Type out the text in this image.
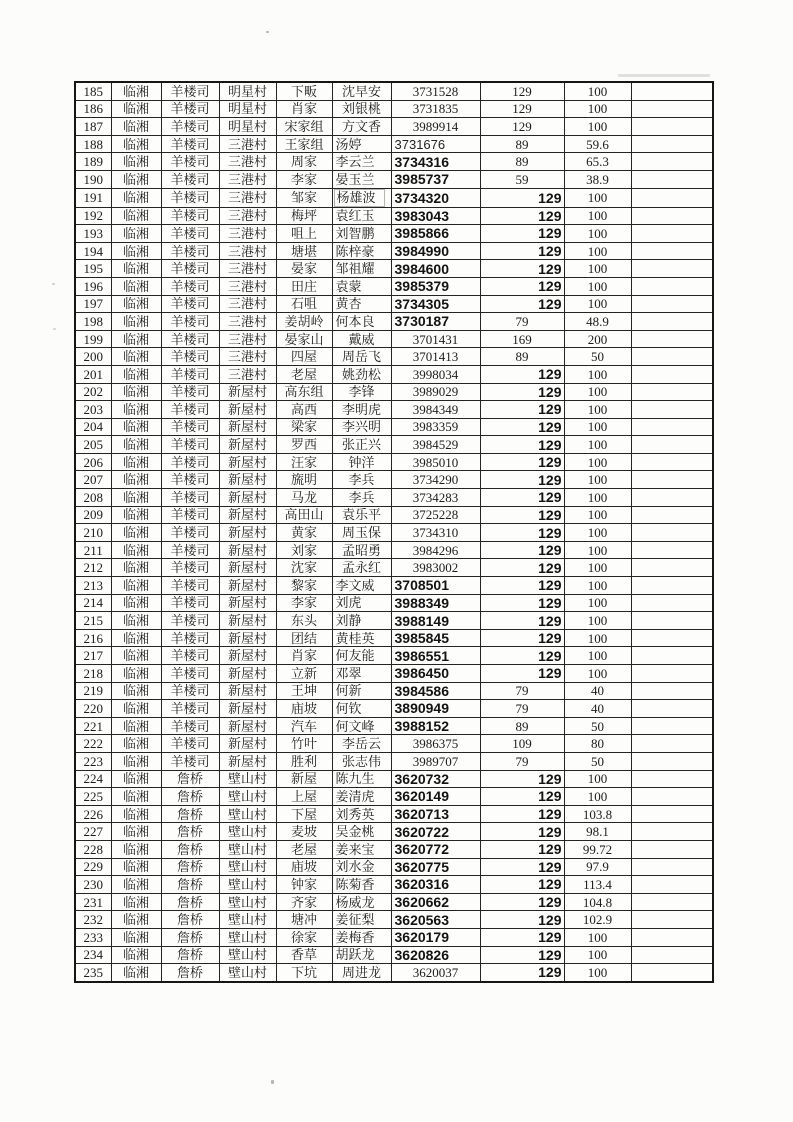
185	临湘	羊楼司	明星村	下畈	沈早安	3731528	129	100	
186	临湘	羊楼司	明星村	肖家	刘银桃	3731835	129	100	
187	临湘	羊楼司	明星村	宋家组	方文香	3989914	129	100	
188	临湘	羊楼司	三港村	王家组	汤婷	3731676	89	59.6	
189	临湘	羊楼司	三港村	周家	李云兰	3734316	89	65.3	
190	临湘	羊楼司	三港村	李家	晏玉兰	3985737	59	38.9	
191	临湘	羊楼司	三港村	邹家	杨雄波	3734320	129	100	
192	临湘	羊楼司	三港村	梅坪	袁红玉	3983043	129	100	
193	临湘	羊楼司	三港村	咀上	刘智鹏	3985866	129	100	
194	临湘	羊楼司	三港村	塘堪	陈梓豪	3984990	129	100	
195	临湘	羊楼司	三港村	晏家	邹祖耀	3984600	129	100	
196	临湘	羊楼司	三港村	田庄	袁蒙	3985379	129	100	
197	临湘	羊楼司	三港村	石咀	黄杏	3734305	129	100	
198	临湘	羊楼司	三港村	姜胡岭	何本良	3730187	79	48.9	
199	临湘	羊楼司	三港村	晏家山	戴威	3701431	169	200	
200	临湘	羊楼司	三港村	四屋	周岳飞	3701413	89	50	
201	临湘	羊楼司	三港村	老屋	姚劲松	3998034	129	100	
202	临湘	羊楼司	新屋村	高东组	李锋	3989029	129	100	
203	临湘	羊楼司	新屋村	高西	李明虎	3984349	129	100	
204	临湘	羊楼司	新屋村	梁家	李兴明	3983359	129	100	
205	临湘	羊楼司	新屋村	罗西	张正兴	3984529	129	100	
206	临湘	羊楼司	新屋村	汪家	钟洋	3985010	129	100	
207	临湘	羊楼司	新屋村	旒明	李兵	3734290	129	100	
208	临湘	羊楼司	新屋村	马龙	李兵	3734283	129	100	
209	临湘	羊楼司	新屋村	高田山	袁乐平	3725228	129	100	
210	临湘	羊楼司	新屋村	黄家	周玉保	3734310	129	100	
211	临湘	羊楼司	新屋村	刘家	孟昭勇	3984296	129	100	
212	临湘	羊楼司	新屋村	沈家	孟永红	3983002	129	100	
213	临湘	羊楼司	新屋村	黎家	李文威	3708501	129	100	
214	临湘	羊楼司	新屋村	李家	刘虎	3988349	129	100	
215	临湘	羊楼司	新屋村	东头	刘静	3988149	129	100	
216	临湘	羊楼司	新屋村	团结	黄桂英	3985845	129	100	
217	临湘	羊楼司	新屋村	肖家	何友能	3986551	129	100	
218	临湘	羊楼司	新屋村	立新	邓翠	3986450	129	100	
219	临湘	羊楼司	新屋村	王坤	何新	3984586	79	40	
220	临湘	羊楼司	新屋村	庙坡	何钦	3890949	79	40	
221	临湘	羊楼司	新屋村	汽车	何文峰	3988152	89	50	
222	临湘	羊楼司	新屋村	竹叶	李岳云	3986375	109	80	
223	临湘	羊楼司	新屋村	胜利	张志伟	3989707	79	50	
224	临湘	詹桥	壁山村	新屋	陈九生	3620732	129	100	
225	临湘	詹桥	壁山村	上屋	姜清虎	3620149	129	100	
226	临湘	詹桥	壁山村	下屋	刘秀英	3620713	129	103.8	
227	临湘	詹桥	壁山村	麦坡	吴金桃	3620722	129	98.1	
228	临湘	詹桥	壁山村	老屋	姜来宝	3620772	129	99.72	
229	临湘	詹桥	壁山村	庙坡	刘水金	3620775	129	97.9	
230	临湘	詹桥	壁山村	钟家	陈菊香	3620316	129	113.4	
231	临湘	詹桥	壁山村	齐家	杨威龙	3620662	129	104.8	
232	临湘	詹桥	壁山村	塘冲	姜征梨	3620563	129	102.9	
233	临湘	詹桥	壁山村	徐家	姜梅香	3620179	129	100	
234	临湘	詹桥	壁山村	香草	胡跃龙	3620826	129	100	
235	临湘	詹桥	壁山村	下坑	周进龙	3620037	129	100	
